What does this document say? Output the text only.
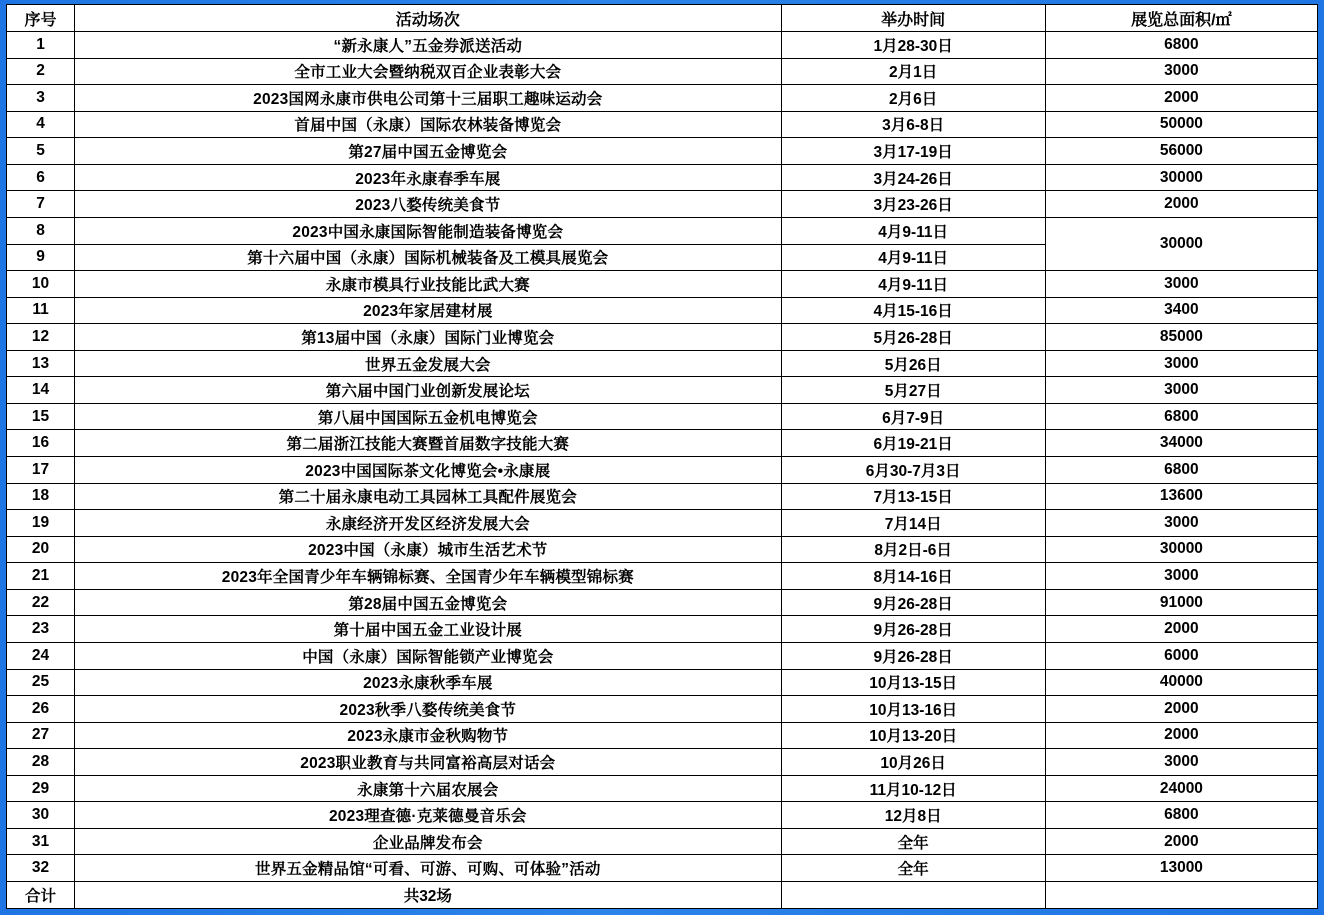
序号	活动场次	举办时间	展览总面积/㎡
1	“新永康人”五金券派送活动	1月28-30日	6800
2	全市工业大会暨纳税双百企业表彰大会	2月1日	3000
3	2023国网永康市供电公司第十三届职工趣味运动会	2月6日	2000
4	首届中国（永康）国际农林装备博览会	3月6-8日	50000
5	第27届中国五金博览会	3月17-19日	56000
6	2023年永康春季车展	3月24-26日	30000
7	2023八婺传统美食节	3月23-26日	2000
8	2023中国永康国际智能制造装备博览会	4月9-11日	30000
9	第十六届中国（永康）国际机械装备及工模具展览会	4月9-11日	
10	永康市模具行业技能比武大赛	4月9-11日	3000
11	2023年家居建材展	4月15-16日	3400
12	第13届中国（永康）国际门业博览会	5月26-28日	85000
13	世界五金发展大会	5月26日	3000
14	第六届中国门业创新发展论坛	5月27日	3000
15	第八届中国国际五金机电博览会	6月7-9日	6800
16	第二届浙江技能大赛暨首届数字技能大赛	6月19-21日	34000
17	2023中国国际茶文化博览会•永康展	6月30-7月3日	6800
18	第二十届永康电动工具园林工具配件展览会	7月13-15日	13600
19	永康经济开发区经济发展大会	7月14日	3000
20	2023中国（永康）城市生活艺术节	8月2日-6日	30000
21	2023年全国青少年车辆锦标赛、全国青少年车辆模型锦标赛	8月14-16日	3000
22	第28届中国五金博览会	9月26-28日	91000
23	第十届中国五金工业设计展	9月26-28日	2000
24	中国（永康）国际智能锁产业博览会	9月26-28日	6000
25	2023永康秋季车展	10月13-15日	40000
26	2023秋季八婺传统美食节	10月13-16日	2000
27	2023永康市金秋购物节	10月13-20日	2000
28	2023职业教育与共同富裕高层对话会	10月26日	3000
29	永康第十六届农展会	11月10-12日	24000
30	2023理查德·克莱德曼音乐会	12月8日	6800
31	企业品牌发布会	全年	2000
32	世界五金精品馆“可看、可游、可购、可体验”活动	全年	13000
合计	共32场		
